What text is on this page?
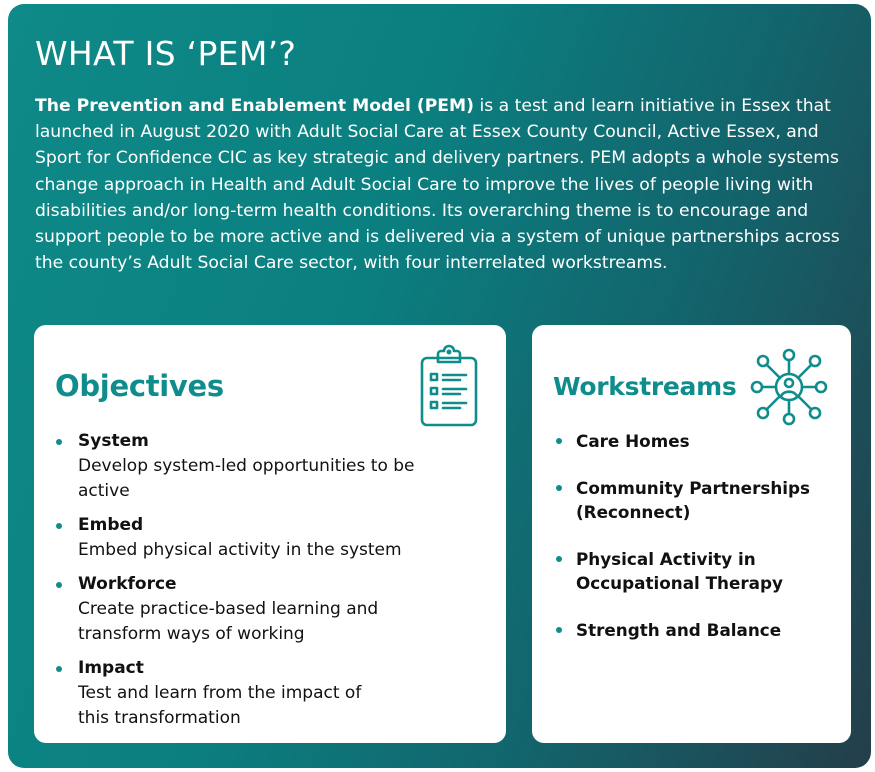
WHAT IS ‘PEM’?

The Prevention and Enablement Model (PEM) is a test and learn initiative in Essex that launched in August 2020 with Adult Social Care at Essex County Council, Active Essex, and Sport for Confidence CIC as key strategic and delivery partners. PEM adopts a whole systems change approach in Health and Adult Social Care to improve the lives of people living with disabilities and/or long-term health conditions. Its overarching theme is to encourage and support people to be more active and is delivered via a system of unique partnerships across the county’s Adult Social Care sector, with four interrelated workstreams.

Objectives
System
Develop system-led opportunities to be active
Embed
Embed physical activity in the system
Workforce
Create practice-based learning and transform ways of working
Impact
Test and learn from the impact of this transformation
Workstreams
Care Homes
Community Partnerships (Reconnect)
Physical Activity in Occupational Therapy
Strength and Balance
